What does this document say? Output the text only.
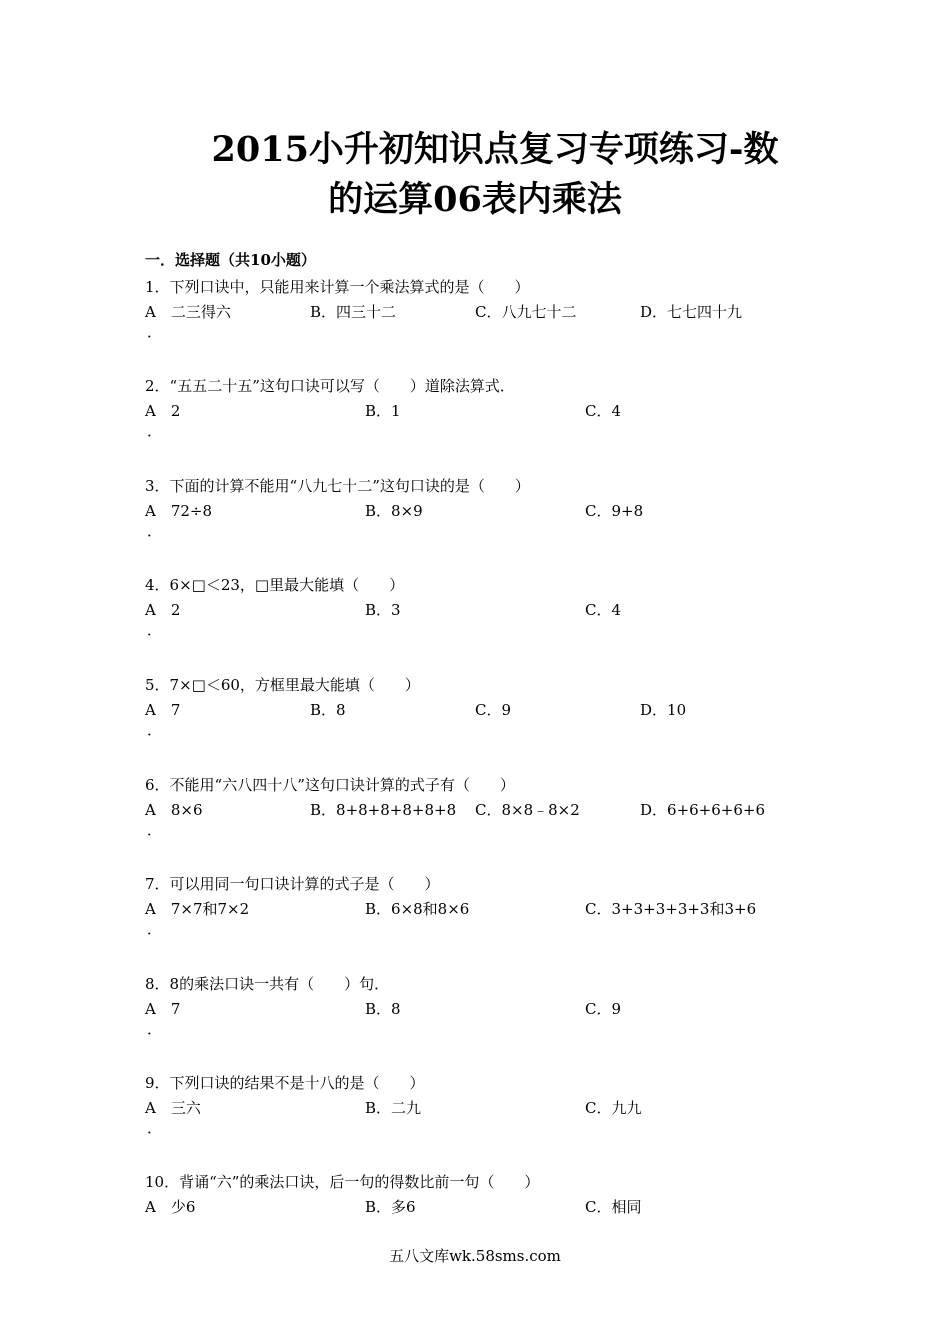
2015小升初知识点复习专项练习-数
的运算06表内乘法
一．选择题（共10小题）
1．下列口诀中，只能用来计算一个乘法算式的是（　　）
A　二三得六	B．四三十二	C．八九七十二	D．七七四十九
．
2．“五五二十五”这句口诀可以写（　　）道除法算式．
A　2	B．1	C．4
．
3．下面的计算不能用“八九七十二”这句口诀的是（　　）
A　72÷8	B．8×9	C．9+8
．
4．6×□＜23，□里最大能填（　　）
A　2	B．3	C．4
．
5．7×□＜60，方框里最大能填（　　）
A　7	B．8	C．9	D．10
．
6．不能用“六八四十八”这句口诀计算的式子有（　　）
A　8×6	B．8+8+8+8+8+8 C．8×8﹣8×2	D．6+6+6+6+6
．
7．可以用同一句口诀计算的式子是（　　）
A　7×7和7×2	B．6×8和8×6	C．3+3+3+3+3和3+6
．
8．8的乘法口诀一共有（　　）句．
A　7	B．8	C．9
．
9．下列口诀的结果不是十八的是（　　）
A　三六	B．二九	C．九九
．
10．背诵“六”的乘法口诀，后一句的得数比前一句（　　）
A　少6	B．多6	C．相同
五八文库wk.58sms.com
